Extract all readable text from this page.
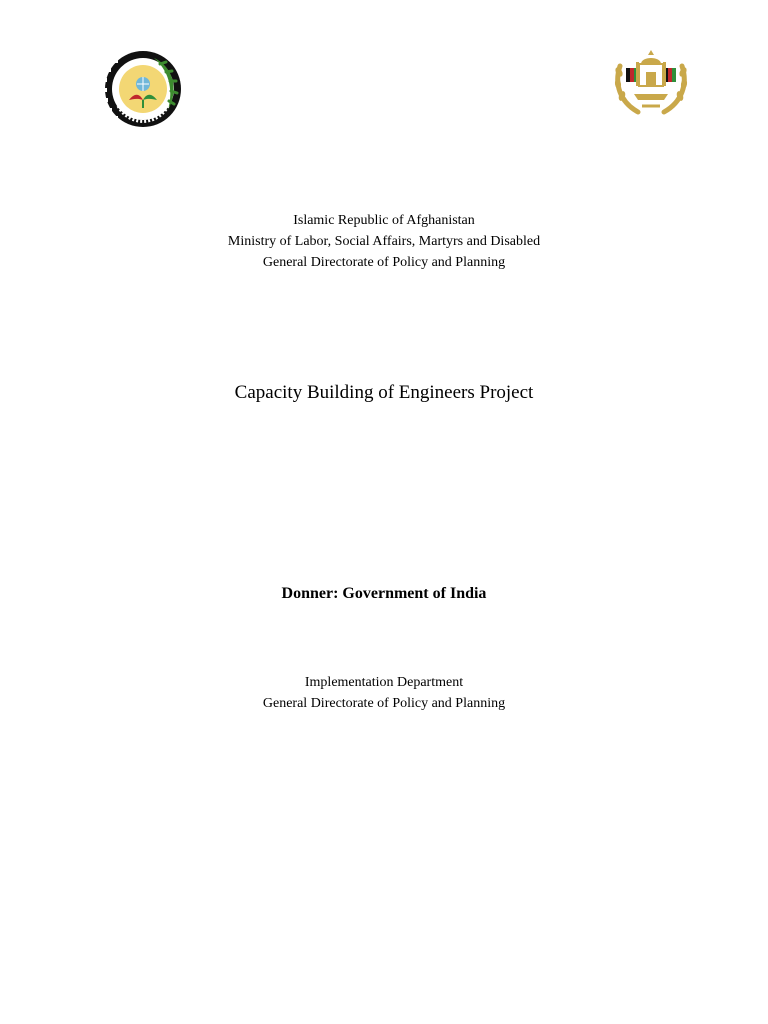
Islamic Republic of Afghanistan
Ministry of Labor, Social Affairs, Martyrs and Disabled
General Directorate of Policy and Planning
Capacity Building of Engineers Project
Donner: Government of India
Implementation Department
General Directorate of Policy and Planning
